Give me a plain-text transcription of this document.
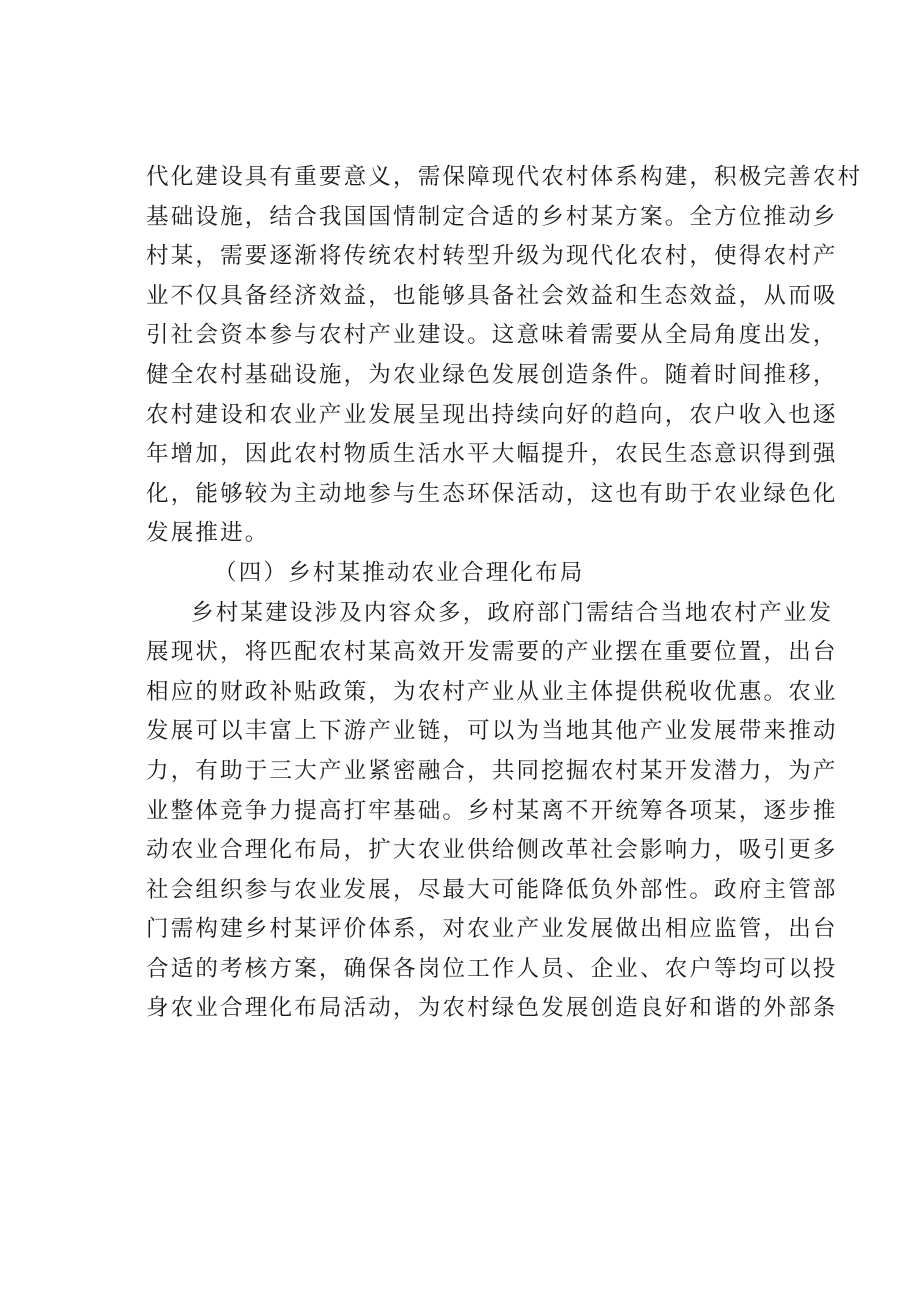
代化建设具有重要意义，需保障现代农村体系构建，积极完善农村
基础设施，结合我国国情制定合适的乡村某方案。全方位推动乡
村某，需要逐渐将传统农村转型升级为现代化农村，使得农村产
业不仅具备经济效益，也能够具备社会效益和生态效益，从而吸
引社会资本参与农村产业建设。这意味着需要从全局角度出发，
健全农村基础设施，为农业绿色发展创造条件。随着时间推移，
农村建设和农业产业发展呈现出持续向好的趋向，农户收入也逐
年增加，因此农村物质生活水平大幅提升，农民生态意识得到强
化，能够较为主动地参与生态环保活动，这也有助于农业绿色化
发展推进。
（四）乡村某推动农业合理化布局
乡村某建设涉及内容众多，政府部门需结合当地农村产业发
展现状，将匹配农村某高效开发需要的产业摆在重要位置，出台
相应的财政补贴政策，为农村产业从业主体提供税收优惠。农业
发展可以丰富上下游产业链，可以为当地其他产业发展带来推动
力，有助于三大产业紧密融合，共同挖掘农村某开发潜力，为产
业整体竞争力提高打牢基础。乡村某离不开统筹各项某，逐步推
动农业合理化布局，扩大农业供给侧改革社会影响力，吸引更多
社会组织参与农业发展，尽最大可能降低负外部性。政府主管部
门需构建乡村某评价体系，对农业产业发展做出相应监管，出台
合适的考核方案，确保各岗位工作人员、企业、农户等均可以投
身农业合理化布局活动，为农村绿色发展创造良好和谐的外部条
